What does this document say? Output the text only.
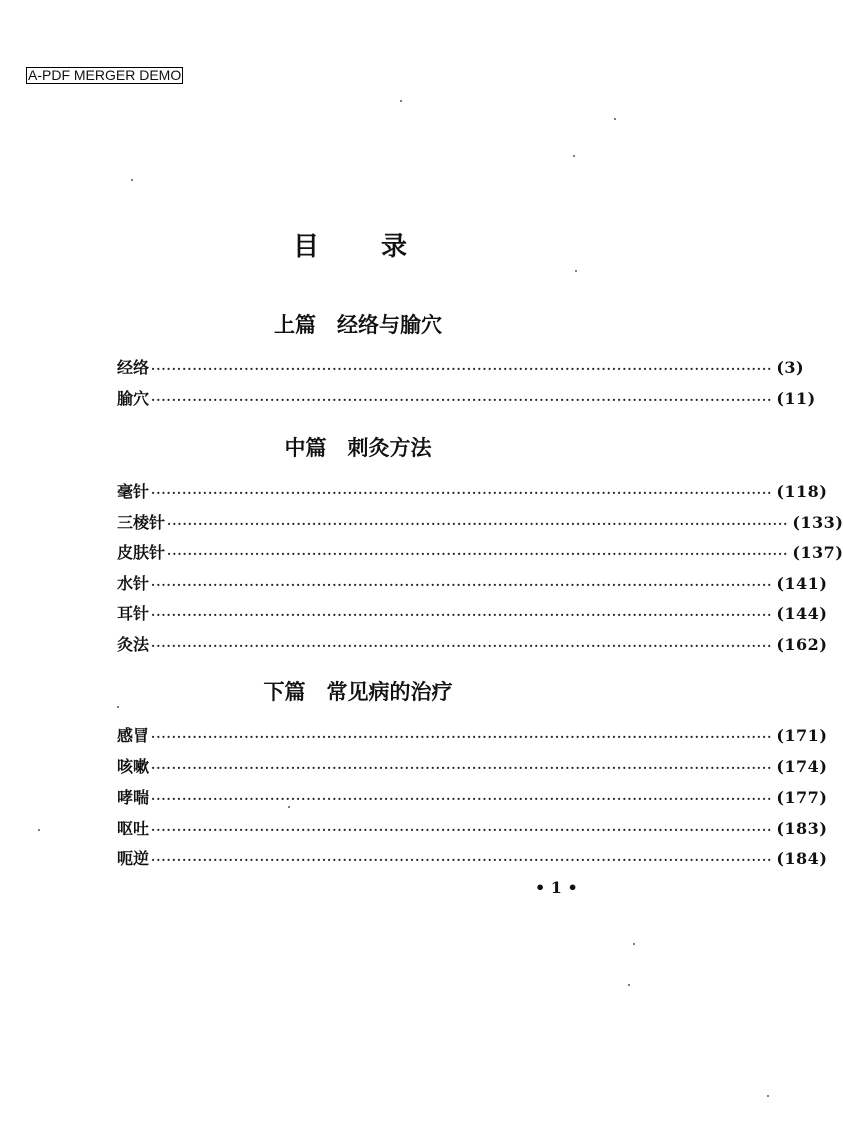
A-PDF MERGER DEMO
目录
上篇　经络与腧穴
经络 ························································································································ (3)
腧穴 ························································································································ (11)
中篇　刺灸方法
毫针 ························································································································ (118)
三棱针 ························································································································ (133)
皮肤针 ························································································································ (137)
水针 ························································································································ (141)
耳针 ························································································································ (144)
灸法 ························································································································ (162)
下篇　常见病的治疗
感冒 ························································································································ (171)
咳嗽 ························································································································ (174)
哮喘 ························································································································ (177)
呕吐 ························································································································ (183)
呃逆 ························································································································ (184)
• 1 •
